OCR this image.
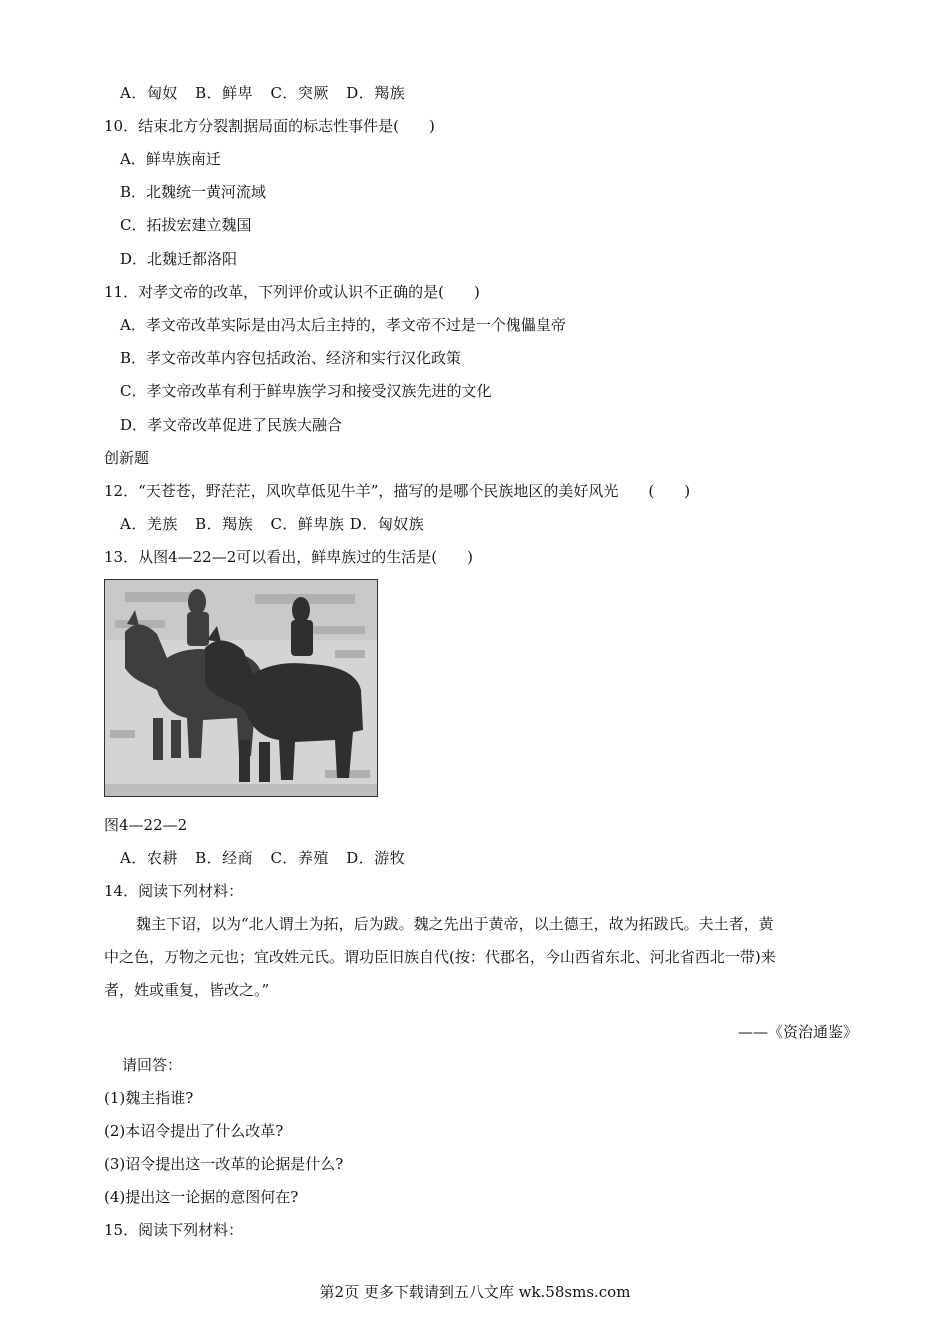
A．匈奴 B．鲜卑 C．突厥 D．羯族
10．结束北方分裂割据局面的标志性事件是(　　)
A．鲜卑族南迁
B．北魏统一黄河流域
C．拓拔宏建立魏国
D．北魏迁都洛阳
11．对孝文帝的改革，下列评价或认识不正确的是(　　)
A．孝文帝改革实际是由冯太后主持的，孝文帝不过是一个傀儡皇帝
B．孝文帝改革内容包括政治、经济和实行汉化政策
C．孝文帝改革有利于鲜卑族学习和接受汉族先进的文化
D．孝文帝改革促进了民族大融合
创新题
12．“天苍苍，野茫茫，风吹草低见牛羊”，描写的是哪个民族地区的美好风光　　(　　)
A．羌族 B．羯族 C．鲜卑族 D．匈奴族
13．从图4—22—2可以看出，鲜卑族过的生活是(　　)
图4—22—2
A．农耕 B．经商 C．养殖 D．游牧
14．阅读下列材料：
魏主下诏，以为“北人谓土为拓，后为跋。魏之先出于黄帝，以土德王，故为拓跋氏。夫土者，黄
中之色，万物之元也；宜改姓元氏。谓功臣旧族自代(按：代郡名，今山西省东北、河北省西北一带)来
者，姓或重复，皆改之。”
——《资治通鉴》
请回答：
(1)魏主指谁?
(2)本诏令提出了什么改革?
(3)诏令提出这一改革的论据是什么?
(4)提出这一论据的意图何在?
15．阅读下列材料：
第2页 更多下载请到五八文库 wk.58sms.com
